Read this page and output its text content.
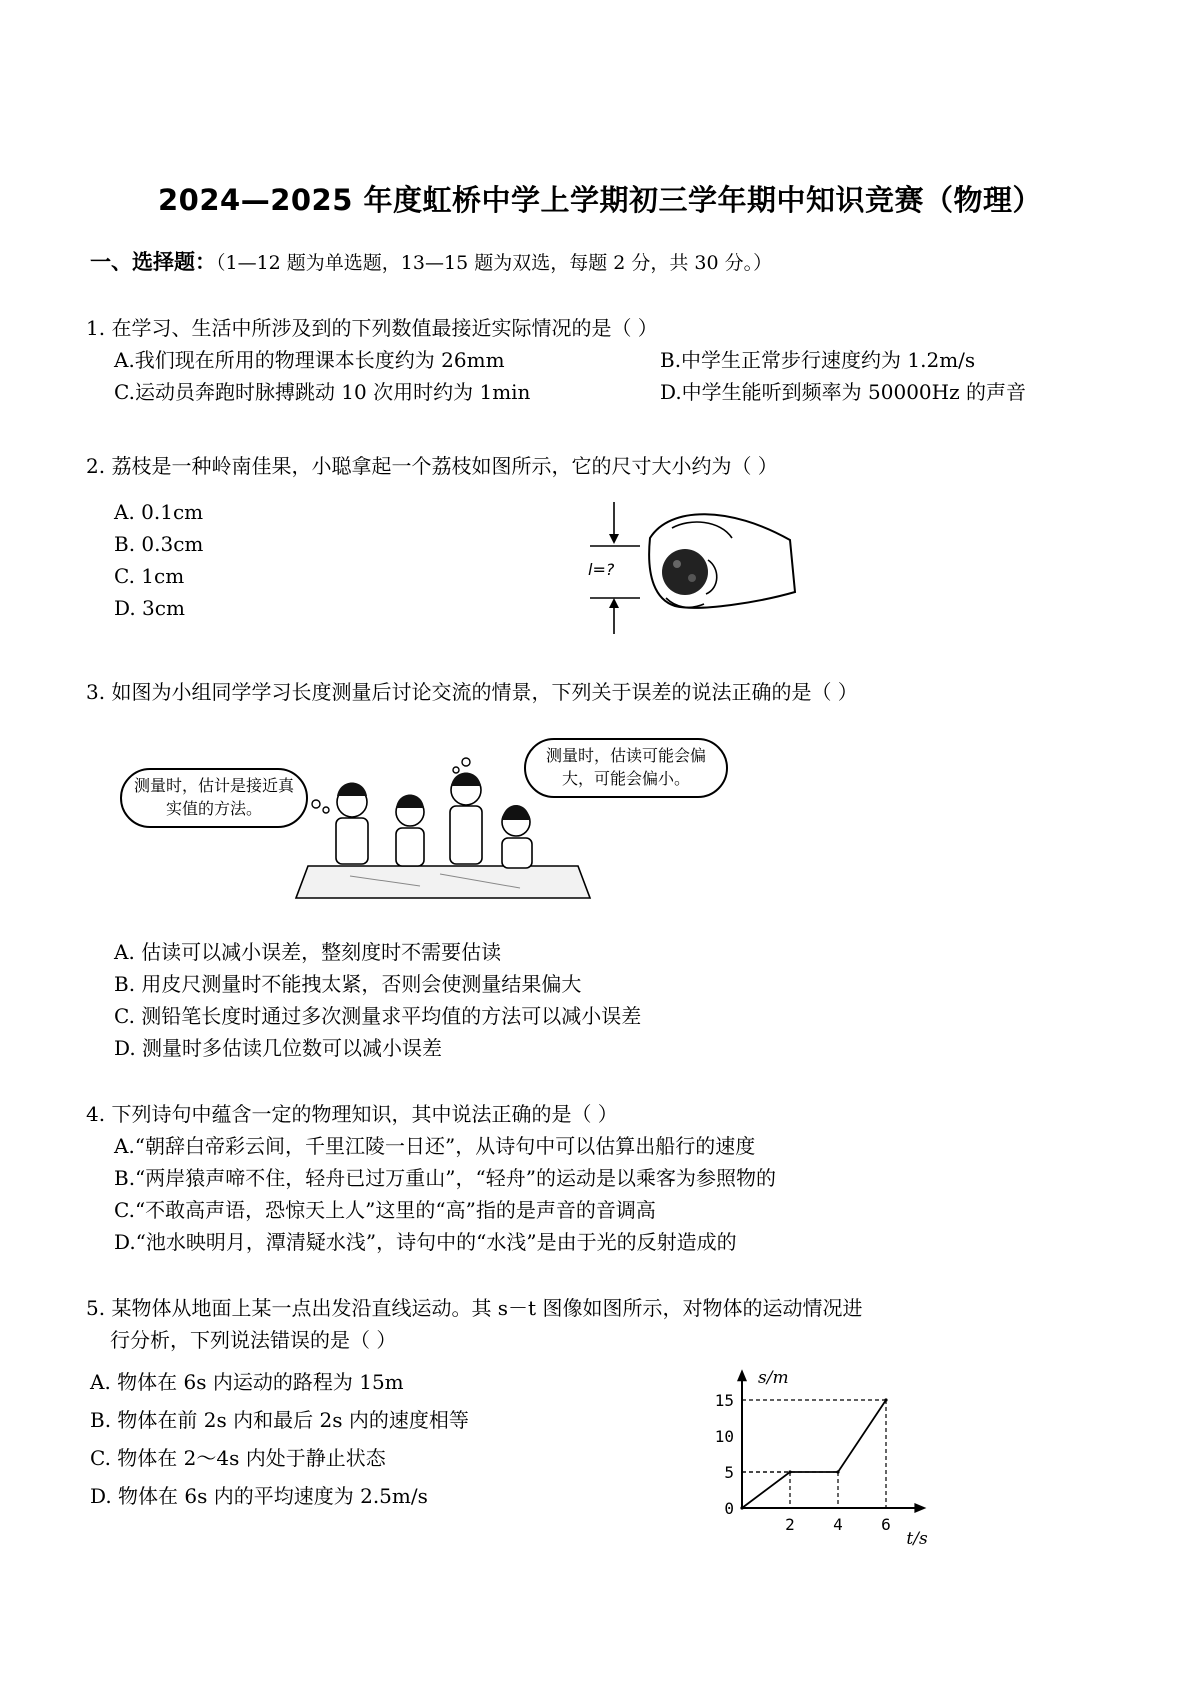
2024—2025 年度虹桥中学上学期初三学年期中知识竞赛（物理）
一、选择题：（1—12 题为单选题，13—15 题为双选，每题 2 分，共 30 分。）
1. 在学习、生活中所涉及到的下列数值最接近实际情况的是（ ）
A.我们现在所用的物理课本长度约为 26mm	B.中学生正常步行速度约为 1.2m/s
C.运动员奔跑时脉搏跳动 10 次用时约为 1min	D.中学生能听到频率为 50000Hz 的声音
2. 荔枝是一种岭南佳果，小聪拿起一个荔枝如图所示，它的尺寸大小约为（ ）
A. 0.1cm
B. 0.3cm
C. 1cm
D. 3cm
l=?
3. 如图为小组同学学习长度测量后讨论交流的情景，下列关于误差的说法正确的是（ ）
测量时，估计是接近真实值的方法。
测量时，估读可能会偏大，可能会偏小。
A. 估读可以减小误差，整刻度时不需要估读
B. 用皮尺测量时不能拽太紧，否则会使测量结果偏大
C. 测铅笔长度时通过多次测量求平均值的方法可以减小误差
D. 测量时多估读几位数可以减小误差
4. 下列诗句中蕴含一定的物理知识，其中说法正确的是（ ）
A.“朝辞白帝彩云间，千里江陵一日还”，从诗句中可以估算出船行的速度
B.“两岸猿声啼不住，轻舟已过万重山”，“轻舟”的运动是以乘客为参照物的
C.“不敢高声语，恐惊天上人”这里的“高”指的是声音的音调高
D.“池水映明月，潭清疑水浅”，诗句中的“水浅”是由于光的反射造成的
5. 某物体从地面上某一点出发沿直线运动。其 s－t 图像如图所示，对物体的运动情况进
行分析，下列说法错误的是（ ）
A. 物体在 6s 内运动的路程为 15m
B. 物体在前 2s 内和最后 2s 内的速度相等
C. 物体在 2～4s 内处于静止状态
D. 物体在 6s 内的平均速度为 2.5m/s
s/m
t/s
0
5
10
15
2 4 6
